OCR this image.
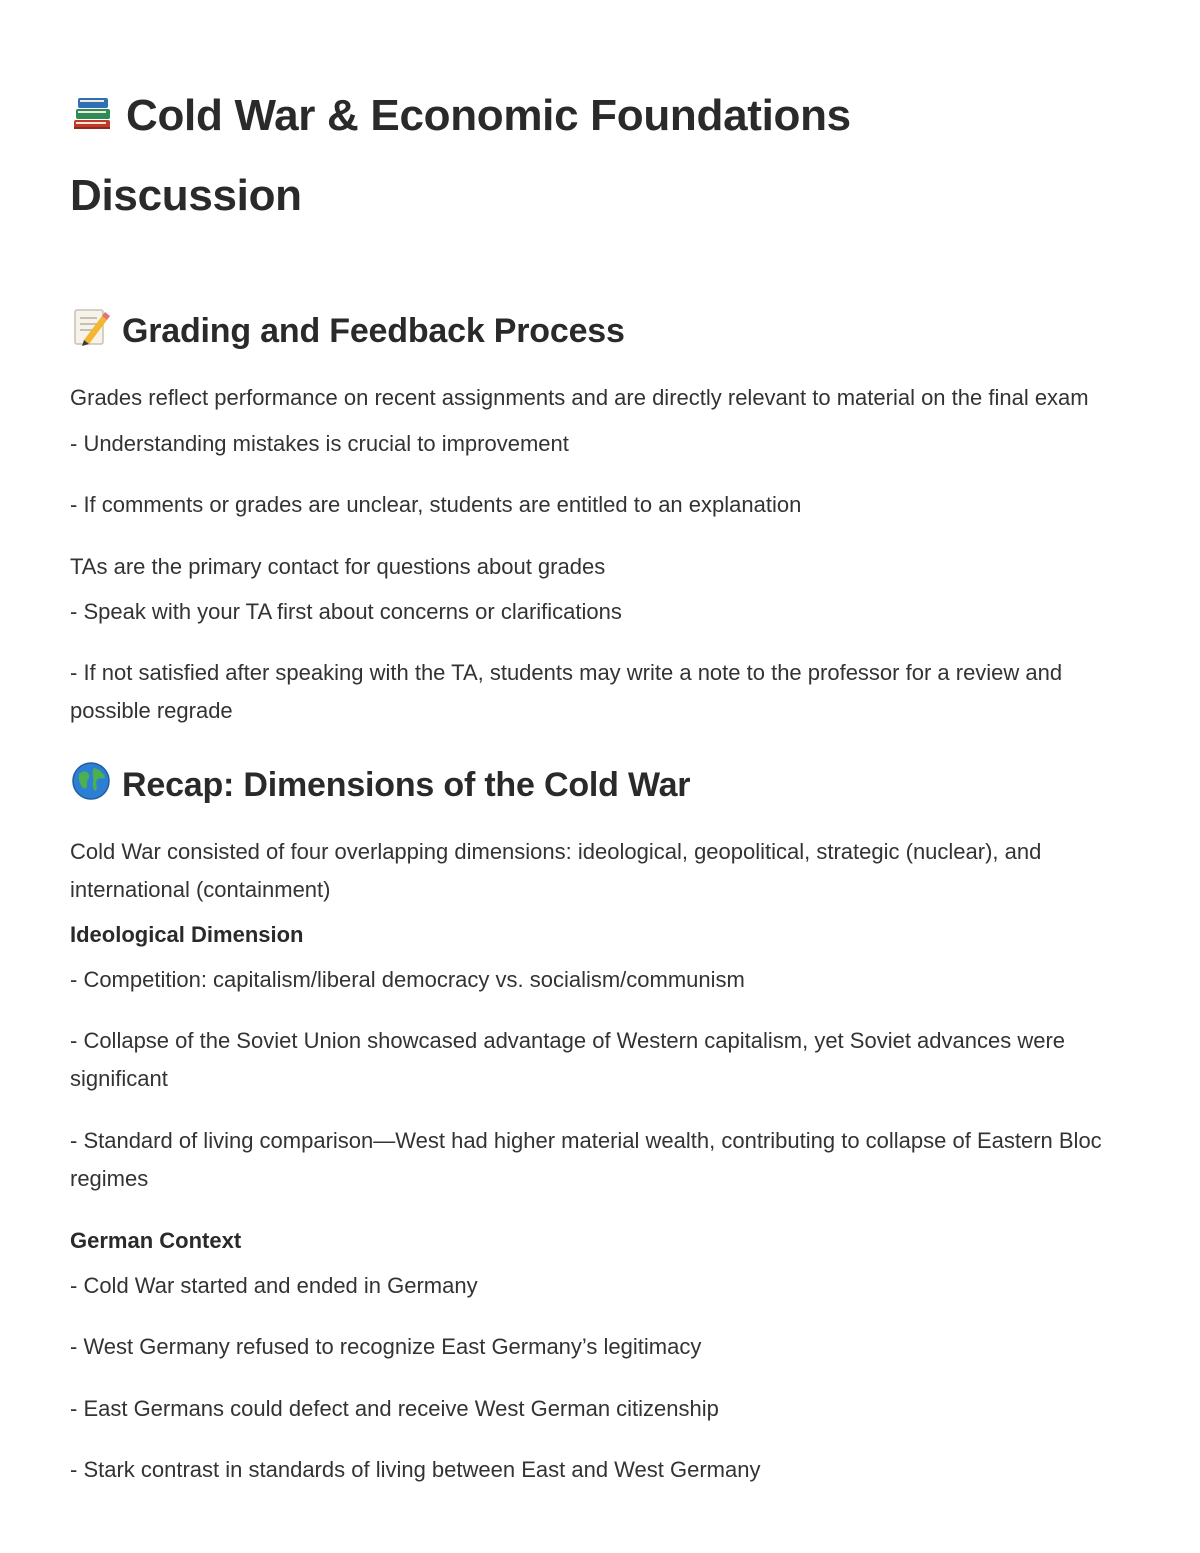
Cold War & Economic Foundations
Discussion
Grading and Feedback Process

Grades reflect performance on recent assignments and are directly relevant to material on the final exam

- Understanding mistakes is crucial to improvement

- If comments or grades are unclear, students are entitled to an explanation

TAs are the primary contact for questions about grades

- Speak with your TA first about concerns or clarifications

- If not satisfied after speaking with the TA, students may write a note to the professor for a review and possible regrade

Recap: Dimensions of the Cold War

Cold War consisted of four overlapping dimensions: ideological, geopolitical, strategic (nuclear), and international (containment)

Ideological Dimension

- Competition: capitalism/liberal democracy vs. socialism/communism

- Collapse of the Soviet Union showcased advantage of Western capitalism, yet Soviet advances were significant

- Standard of living comparison—West had higher material wealth, contributing to collapse of Eastern Bloc regimes

German Context

- Cold War started and ended in Germany

- West Germany refused to recognize East Germany’s legitimacy

- East Germans could defect and receive West German citizenship

- Stark contrast in standards of living between East and West Germany
